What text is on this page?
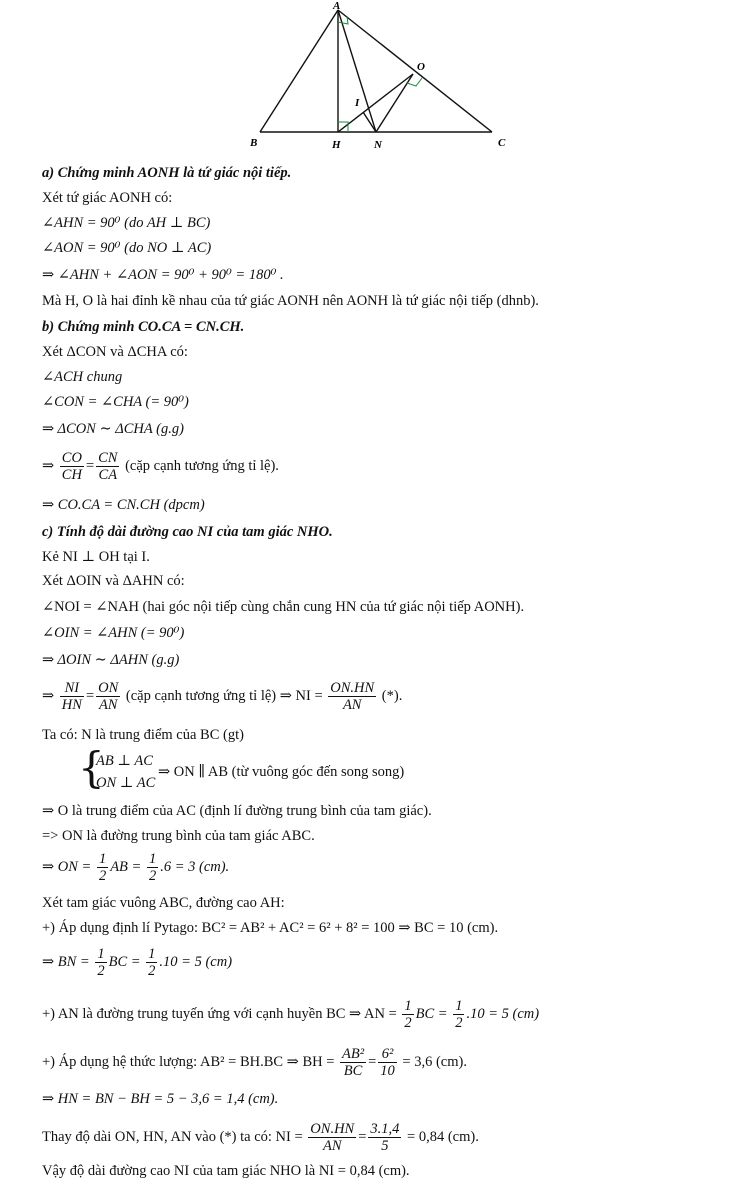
A
B	C
H	N
O
I
a) Chứng minh AONH là tứ giác nội tiếp.
Xét tứ giác AONH có:
∠AHN = 90⁰ (do AH ⊥ BC)
∠AON = 90⁰ (do NO ⊥ AC)
⇒ ∠AHN + ∠AON = 90⁰ + 90⁰ = 180⁰ .
Mà H, O là hai đỉnh kề nhau của tứ giác AONH nên AONH là tứ giác nội tiếp (dhnb).
b) Chứng minh CO.CA = CN.CH.
Xét ΔCON và ΔCHA có:
∠ACH chung
∠CON = ∠CHA (= 90⁰)
⇒ ΔCON ∼ ΔCHA (g.g)
⇒ $\frac{CO}{CH} = \frac{CN}{CA}$ (cặp cạnh tương ứng tỉ lệ).
⇒ CO.CA = CN.CH (dpcm)
c) Tính độ dài đường cao NI của tam giác NHO.
Kẻ NI ⊥ OH tại I.
Xét ΔOIN và ΔAHN có:
∠NOI = ∠NAH (hai góc nội tiếp cùng chắn cung HN của tứ giác nội tiếp AONH).
∠OIN = ∠AHN (= 90⁰)
⇒ ΔOIN ∼ ΔAHN (g.g)
⇒ $\frac{NI}{HN} = \frac{ON}{AN}$ (cặp cạnh tương ứng tỉ lệ) ⇒ NI = $\frac{ON.HN}{AN}$ (*).
Ta có: N là trung điểm của BC (gt)
{
AB ⊥ AC
ON ⊥ AC
⇒ ON ∥ AB (từ vuông góc đến song song)
⇒ O là trung điểm của AC (định lí đường trung bình của tam giác).
=> ON là đường trung bình của tam giác ABC.
⇒ ON = $\frac{1}{2}$ AB = $\frac{1}{2} .6 = 3$ (cm).
Xét tam giác vuông ABC, đường cao AH:
+) Áp dụng định lí Pytago: BC² = AB² + AC² = 6² + 8² = 100 ⇒ BC = 10 (cm).
⇒ BN = $\frac{1}{2}$ BC = $\frac{1}{2} .10 = 5$ (cm)
+) AN là đường trung tuyến ứng với cạnh huyền BC ⇒ AN = $\frac{1}{2}$ BC = $\frac{1}{2} .10 = 5$ (cm)
+) Áp dụng hệ thức lượng: AB² = BH.BC ⇒ BH = $\frac{\text{AB²}}{BC} = \frac{\text{6²}}{10} = 3,6$ (cm).
⇒ HN = BN − BH = 5 − 3,6 = 1,4 (cm).
Thay độ dài ON, HN, AN vào (*) ta có: NI = $\frac{ON.HN}{AN} = \frac{3.1,4}{5} = 0,84$ (cm).
Vậy độ dài đường cao NI của tam giác NHO là NI = 0,84 (cm).
